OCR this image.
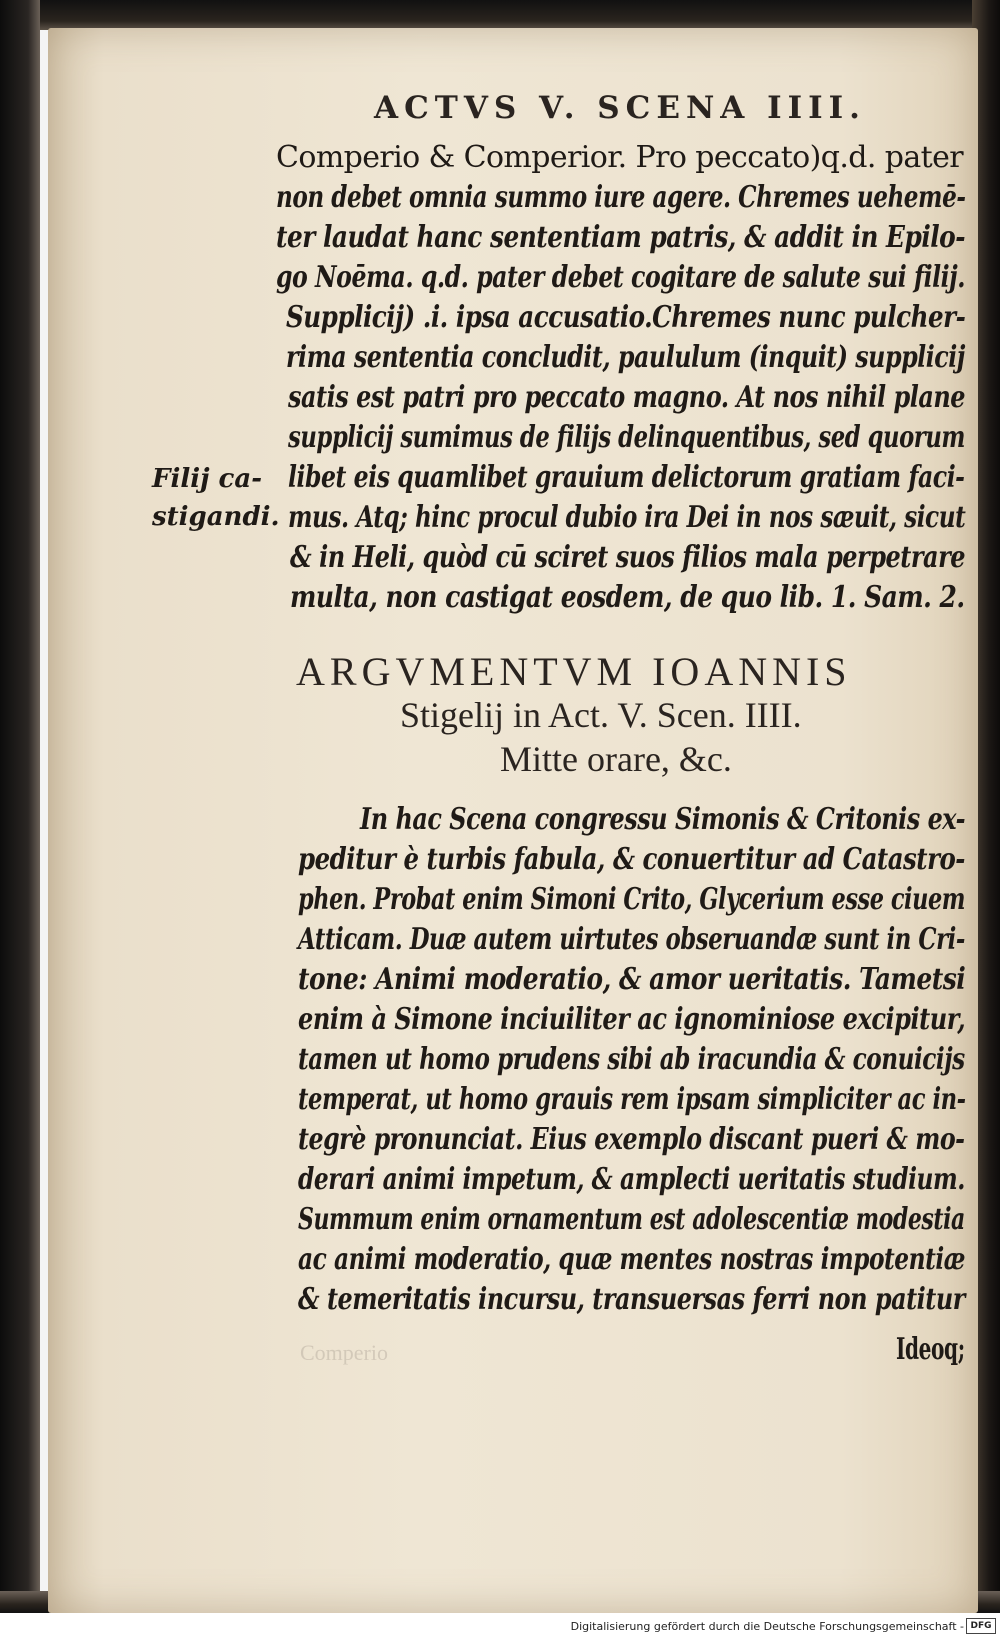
ACTVS V. SCENA IIII.
Comperio & Comperior. Pro peccato)q.d. pater
non debet omnia summo iure agere. Chremes uehemē-
ter laudat hanc sententiam patris, & addit in Epilo-
go Noēma. q.d. pater debet cogitare de salute sui filij.
Supplicij) .i. ipsa accusatio.Chremes nunc pulcher-
rima sententia concludit, paululum (inquit) supplicij
satis est patri pro peccato magno. At nos nihil plane
supplicij sumimus de filijs delinquentibus, sed quorum
libet eis quamlibet grauium delictorum gratiam faci-
mus. Atq; hinc procul dubio ira Dei in nos sæuit, sicut
& in Heli, quòd cū sciret suos filios mala perpetrare
multa, non castigat eosdem, de quo lib. 1. Sam. 2.
Filij ca-
stigandi.
ARGVMENTVM IOANNIS
Stigelij in Act. V. Scen. IIII.
Mitte orare, &c.
In hac Scena congressu Simonis & Critonis ex-
peditur è turbis fabula, & conuertitur ad Catastro-
phen. Probat enim Simoni Crito, Glycerium esse ciuem
Atticam. Duæ autem uirtutes obseruandæ sunt in Cri-
tone: Animi moderatio, & amor ueritatis. Tametsi
enim à Simone inciuiliter ac ignominiose excipitur,
tamen ut homo prudens sibi ab iracundia & conuicijs
temperat, ut homo grauis rem ipsam simpliciter ac in-
tegrè pronunciat. Eius exemplo discant pueri & mo-
derari animi impetum, & amplecti ueritatis studium.
Summum enim ornamentum est adolescentiæ modestia
ac animi moderatio, quæ mentes nostras impotentiæ
& temeritatis incursu, transuersas ferri non patitur
Comperio	Ideoq;
Digitalisierung gefördert durch die Deutsche Forschungsgemeinschaft - DFG
